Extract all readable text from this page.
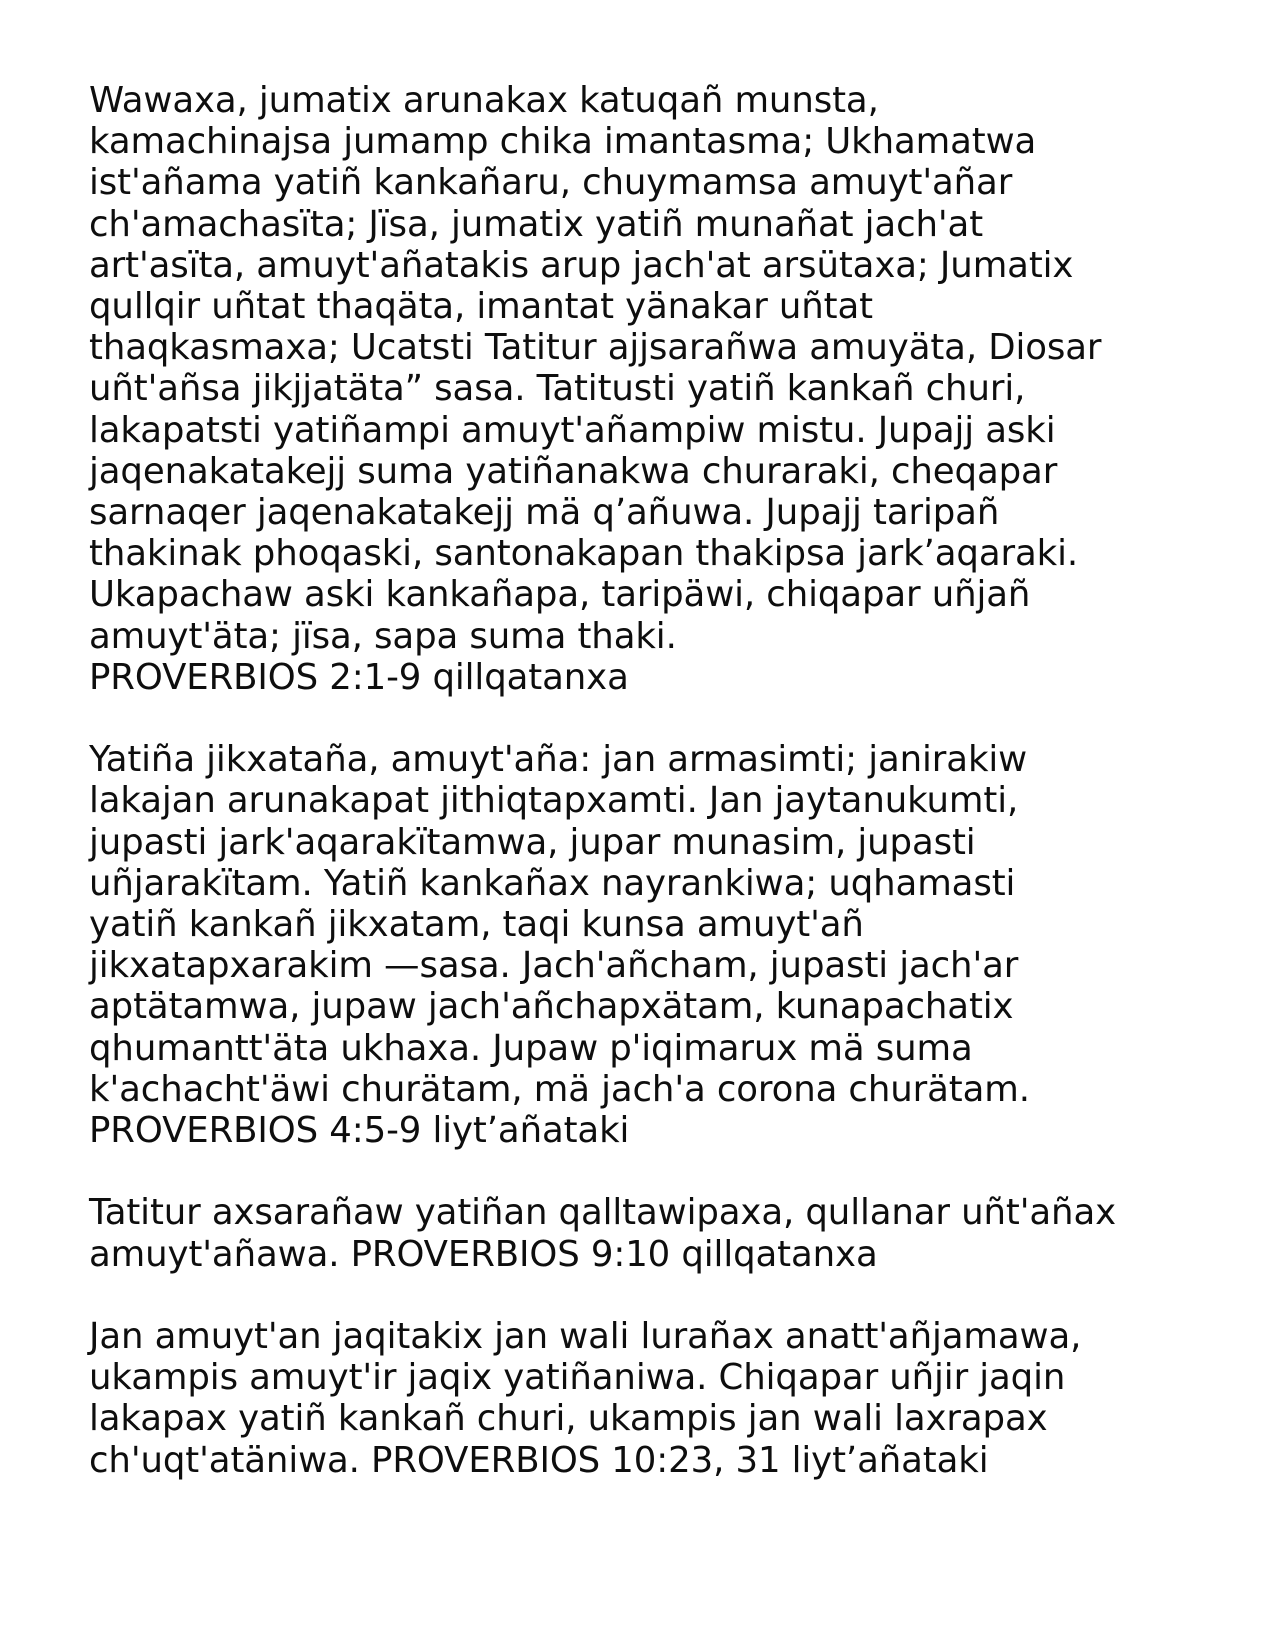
Wawaxa, jumatix arunakax katuqañ munsta,

kamachinajsa jumamp chika imantasma; Ukhamatwa

ist'añama yatiñ kankañaru, chuymamsa amuyt'añar

ch'amachasïta; Jïsa, jumatix yatiñ munañat jach'at

art'asïta, amuyt'añatakis arup jach'at arsütaxa; Jumatix

qullqir uñtat thaqäta, imantat yänakar uñtat

thaqkasmaxa; Ucatsti Tatitur ajjsarañwa amuyäta, Diosar

uñt'añsa jikjjatäta” sasa. Tatitusti yatiñ kankañ churi,

lakapatsti yatiñampi amuyt'añampiw mistu. Jupajj aski

jaqenakatakejj suma yatiñanakwa churaraki, cheqapar

sarnaqer jaqenakatakejj mä q’añuwa. Jupajj taripañ

thakinak phoqaski, santonakapan thakipsa jark’aqaraki.

Ukapachaw aski kankañapa, taripäwi, chiqapar uñjañ

amuyt'äta; jïsa, sapa suma thaki.

PROVERBIOS 2:1-9 qillqatanxa

Yatiña jikxataña, amuyt'aña: jan armasimti; janirakiw

lakajan arunakapat jithiqtapxamti. Jan jaytanukumti,

jupasti jark'aqarakïtamwa, jupar munasim, jupasti

uñjarakïtam. Yatiñ kankañax nayrankiwa; uqhamasti

yatiñ kankañ jikxatam, taqi kunsa amuyt'añ

jikxatapxarakim —sasa. Jach'añcham, jupasti jach'ar

aptätamwa, jupaw jach'añchapxätam, kunapachatix

qhumantt'äta ukhaxa. Jupaw p'iqimarux mä suma

k'achacht'äwi churätam, mä jach'a corona churätam.

PROVERBIOS 4:5-9 liyt’añataki

Tatitur axsarañaw yatiñan qalltawipaxa, qullanar uñt'añax

amuyt'añawa. PROVERBIOS 9:10 qillqatanxa

Jan amuyt'an jaqitakix jan wali lurañax anatt'añjamawa,

ukampis amuyt'ir jaqix yatiñaniwa. Chiqapar uñjir jaqin

lakapax yatiñ kankañ churi, ukampis jan wali laxrapax

ch'uqt'atäniwa. PROVERBIOS 10:23, 31 liyt’añataki
